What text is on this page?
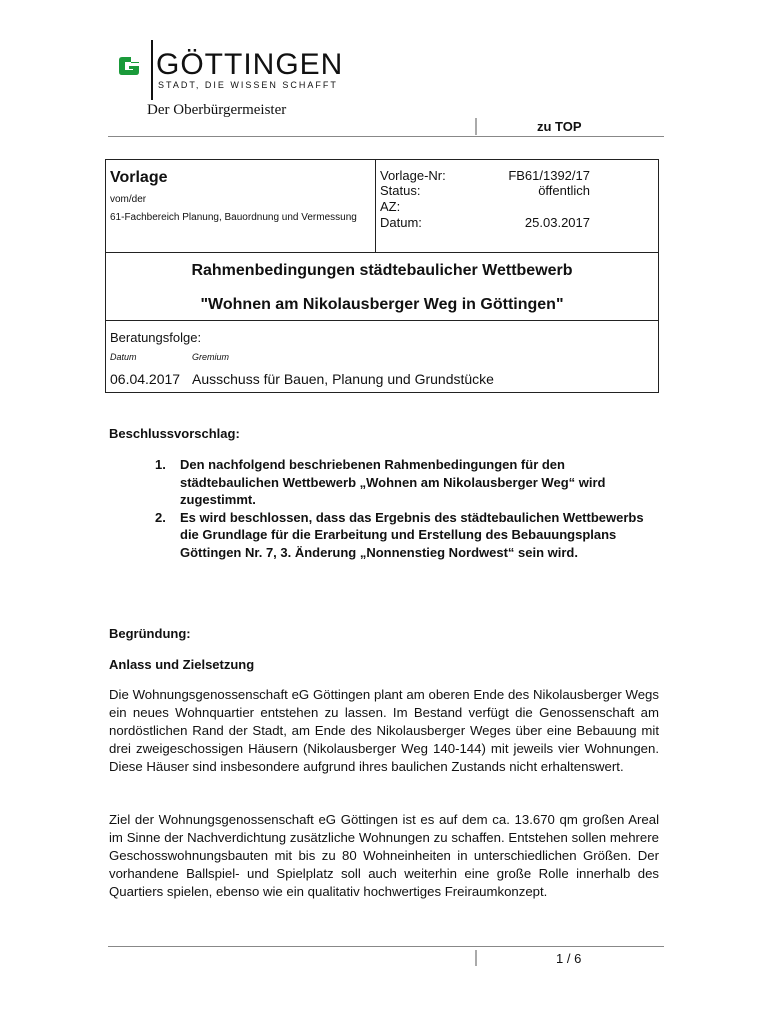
GÖTTINGEN
STADT, DIE WISSEN SCHAFFT
Der Oberbürgermeister
zu TOP
Vorlage
vom/der
61-Fachbereich Planung, Bauordnung und Vermessung
Vorlage-Nr:	FB61/1392/17
Status:	öffentlich
AZ:
Datum:	25.03.2017
Rahmenbedingungen städtebaulicher Wettbewerb
"Wohnen am Nikolausberger Weg in Göttingen"
Beratungsfolge:
Datum	Gremium
06.04.2017 Ausschuss für Bauen, Planung und Grundstücke
Beschlussvorschlag:
1.	Den nachfolgend beschriebenen Rahmenbedingungen für den städtebaulichen Wettbewerb „Wohnen am Nikolausberger Weg“ wird zugestimmt.
2.	Es wird beschlossen, dass das Ergebnis des städtebaulichen Wettbewerbs die Grundlage für die Erarbeitung und Erstellung des Bebauungsplans Göttingen Nr. 7, 3. Änderung „Nonnenstieg Nordwest“ sein wird.
Begründung:
Anlass und Zielsetzung
Die Wohnungsgenossenschaft eG Göttingen plant am oberen Ende des Nikolausberger Wegs ein neues Wohnquartier entstehen zu lassen. Im Bestand verfügt die Genossenschaft am nordöstlichen Rand der Stadt, am Ende des Nikolausberger Weges über eine Bebauung mit drei zweigeschossigen Häusern (Nikolausberger Weg 140-144) mit jeweils vier Wohnungen. Diese Häuser sind insbesondere aufgrund ihres baulichen Zustands nicht erhaltenswert.
Ziel der Wohnungsgenossenschaft eG Göttingen ist es auf dem ca. 13.670 qm großen Areal im Sinne der Nachverdichtung zusätzliche Wohnungen zu schaffen. Entstehen sollen mehrere Geschosswohnungsbauten mit bis zu 80 Wohneinheiten in unterschiedlichen Größen. Der vorhandene Ballspiel- und Spielplatz soll auch weiterhin eine große Rolle innerhalb des Quartiers spielen, ebenso wie ein qualitativ hochwertiges Freiraumkonzept.
1 / 6
